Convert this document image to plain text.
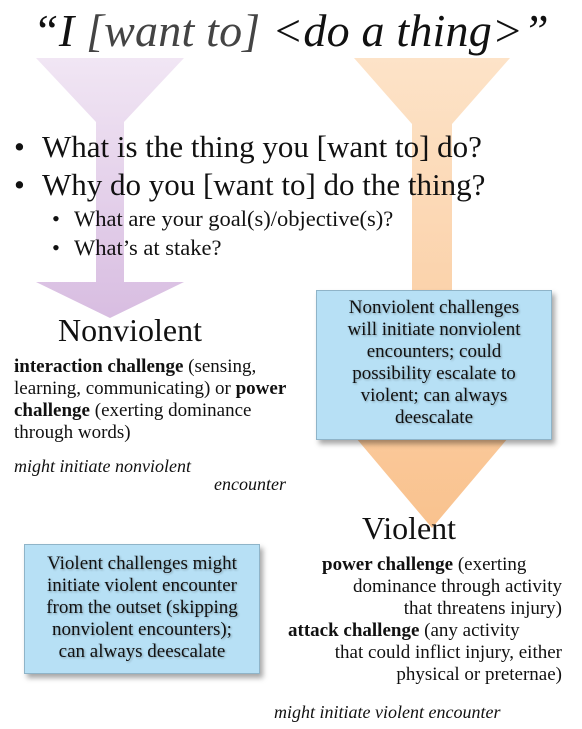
“I [want to] <do a thing>”
• What is the thing you [want to] do?
• Why do you [want to] do the thing?
• What are your goal(s)/objective(s)?
• What’s at stake?
Nonviolent
interaction challenge (sensing, learning, communicating) or power challenge (exerting dominance through words)
might initiate nonviolent
encounter
Nonviolent challenges
will initiate nonviolent
encounters; could
possibility escalate to
violent; can always
deescalate
Violent
power challenge (exerting
dominance through activity
that threatens injury)
attack challenge (any activity
that could inflict injury, either
physical or preternae)
might initiate violent encounter
Violent challenges might
initiate violent encounter
from the outset (skipping
nonviolent encounters);
can always deescalate
